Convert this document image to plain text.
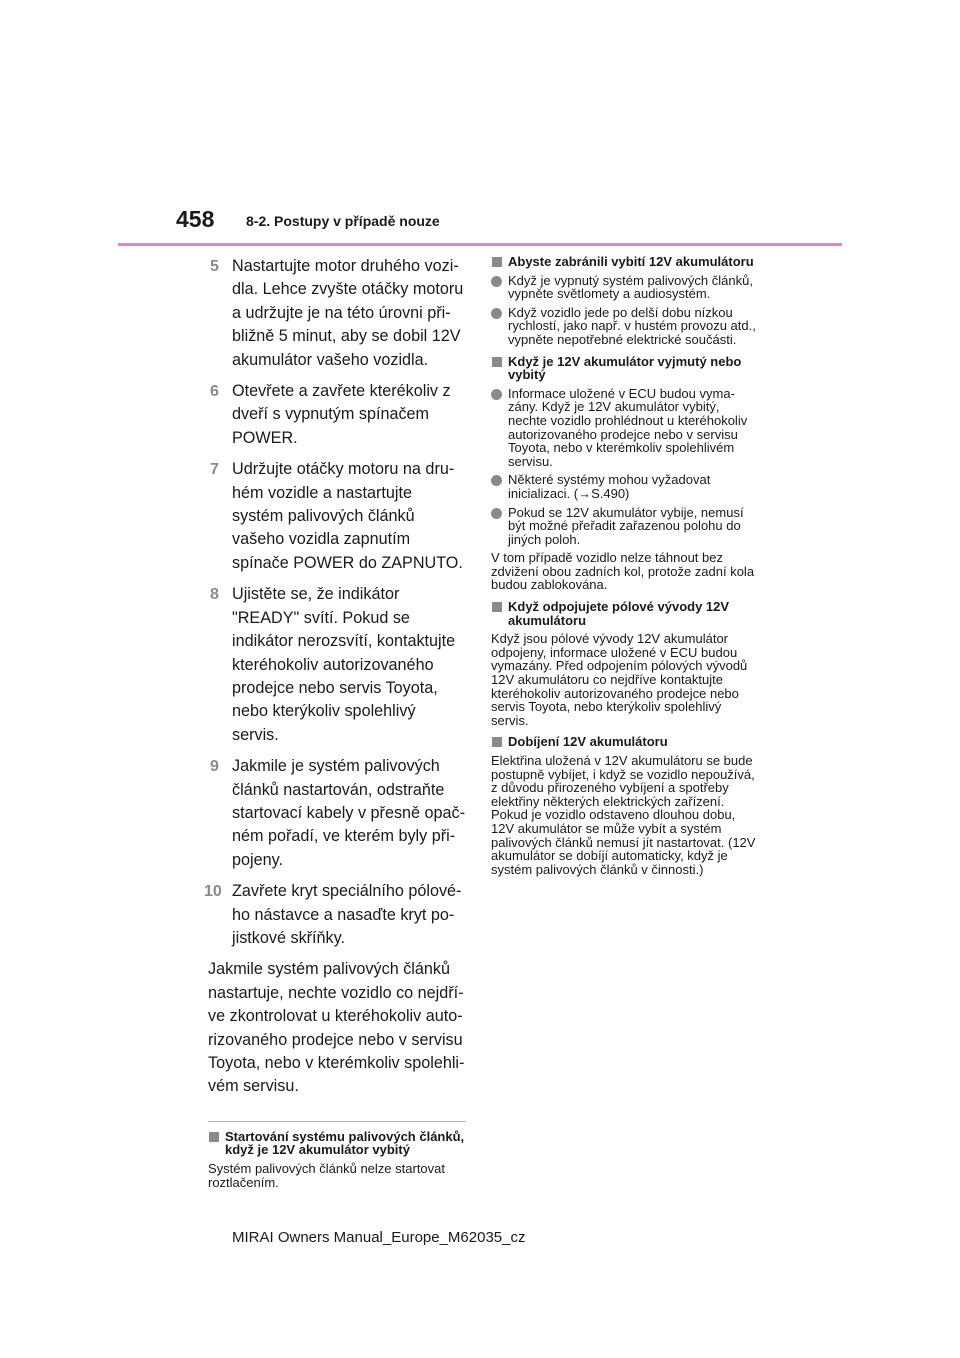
458 8-2. Postupy v případě nouze
5 Nastartujte motor druhého vozidla. Lehce zvyšte otáčky motoru a udržujte je na této úrovni přibližně 5 minut, aby se dobil 12V akumulátor vašeho vozidla.
6 Otevřete a zavřete kterékoliv z dveří s vypnutým spínačem POWER.
7 Udržujte otáčky motoru na druhém vozidle a nastartujte systém palivových článků vašeho vozidla zapnutím spínače POWER do ZAPNUTO.
8 Ujistěte se, že indikátor "READY" svítí. Pokud se indikátor nerozsvítí, kontaktujte kteréhokoliv autorizovaného prodejce nebo servis Toyota, nebo kterýkoliv spolehlivý servis.
9 Jakmile je systém palivových článků nastartován, odstraňte startovací kabely v přesně opačném pořadí, ve kterém byly připojeny.
10 Zavřete kryt speciálního pólového nástavce a nasaďte kryt pojistkové skříňky.
Jakmile systém palivových článků nastartuje, nechte vozidlo co nejdříve zkontrolovat u kteréhokoliv autorizovaného prodejce nebo v servisu Toyota, nebo v kterémkoliv spolehlivém servisu.
Startování systému palivových článků, když je 12V akumulátor vybitý
Systém palivových článků nelze startovat roztlačením.
Abyste zabránili vybití 12V akumulátoru
Když je vypnutý systém palivových článků, vypněte světlomety a audiosystém.
Když vozidlo jede po delší dobu nízkou rychlostí, jako např. v hustém provozu atd., vypněte nepotřebné elektrické součásti.
Když je 12V akumulátor vyjmutý nebo vybitý
Informace uložené v ECU budou vymazány. Když je 12V akumulátor vybitý, nechte vozidlo prohlédnout u kteréhokoliv autorizovaného prodejce nebo v servisu Toyota, nebo v kterémkoliv spolehlivém servisu.
Některé systémy mohou vyžadovat inicializaci. (→S.490)
Pokud se 12V akumulátor vybije, nemusí být možné přeřadit zařazenou polohu do jiných poloh.
V tom případě vozidlo nelze táhnout bez zdvižení obou zadních kol, protože zadní kola budou zablokována.
Když odpojujete pólové vývody 12V akumulátoru
Když jsou pólové vývody 12V akumulátor odpojeny, informace uložené v ECU budou vymazány. Před odpojením pólových vývodů 12V akumulátoru co nejdříve kontaktujte kteréhokoliv autorizovaného prodejce nebo servis Toyota, nebo kterýkoliv spolehlivý servis.
Dobíjení 12V akumulátoru
Elektřina uložená v 12V akumulátoru se bude postupně vybíjet, i když se vozidlo nepoužívá, z důvodu přirozeného vybíjení a spotřeby elektřiny některých elektrických zařízení. Pokud je vozidlo odstaveno dlouhou dobu, 12V akumulátor se může vybít a systém palivových článků nemusí jít nastartovat. (12V akumulátor se dobíjí automaticky, když je systém palivových článků v činnosti.)
MIRAI Owners Manual_Europe_M62035_cz
